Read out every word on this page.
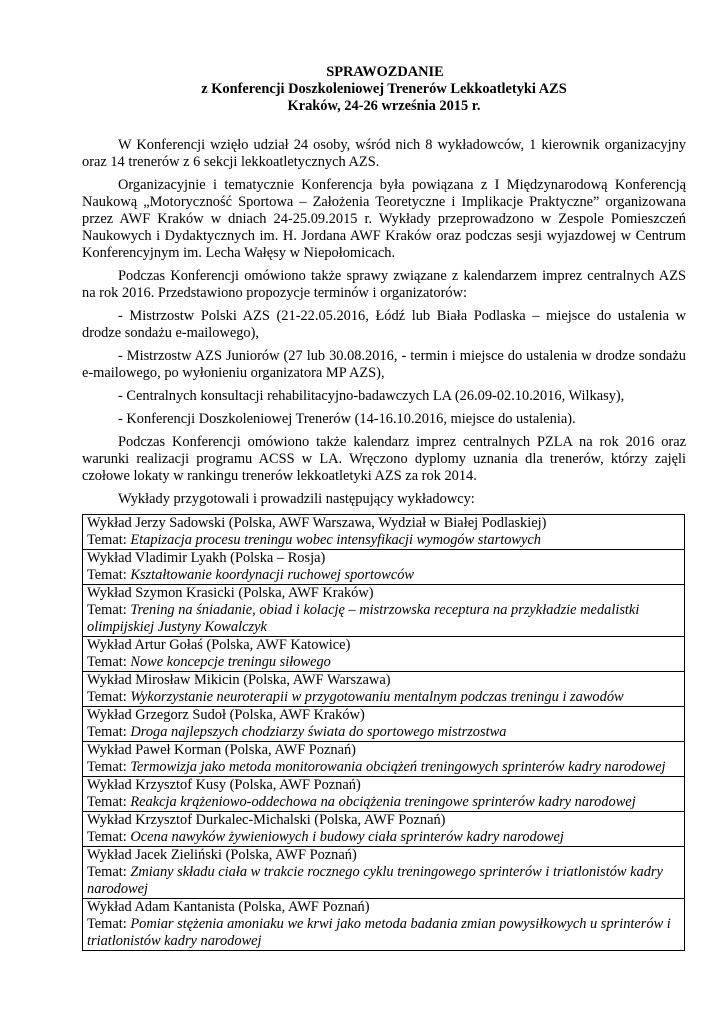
SPRAWOZDANIE
z Konferencji Doszkoleniowej Trenerów Lekkoatletyki AZS
Kraków, 24-26 września 2015 r.

W Konferencji wzięło udział 24 osoby, wśród nich 8 wykładowców, 1 kierownik organizacyjny oraz 14 trenerów z 6 sekcji lekkoatletycznych AZS.

Organizacyjnie i tematycznie Konferencja była powiązana z I Międzynarodową Konferencją Naukową „Motoryczność Sportowa – Założenia Teoretyczne i Implikacje Praktyczne” organizowana przez AWF Kraków w dniach 24-25.09.2015 r. Wykłady przeprowadzono w Zespole Pomieszczeń Naukowych i Dydaktycznych im. H. Jordana AWF Kraków oraz podczas sesji wyjazdowej w Centrum Konferencyjnym im. Lecha Wałęsy w Niepołomicach.

Podczas Konferencji omówiono także sprawy związane z kalendarzem imprez centralnych AZS na rok 2016. Przedstawiono propozycje terminów i organizatorów:

- Mistrzostw Polski AZS (21-22.05.2016, Łódź lub Biała Podlaska – miejsce do ustalenia w drodze sondażu e-mailowego),

- Mistrzostw AZS Juniorów (27 lub 30.08.2016, - termin i miejsce do ustalenia w drodze sondażu e-mailowego, po wyłonieniu organizatora MP AZS),

- Centralnych konsultacji rehabilitacyjno-badawczych LA (26.09-02.10.2016, Wilkasy),

- Konferencji Doszkoleniowej Trenerów (14-16.10.2016, miejsce do ustalenia).

Podczas Konferencji omówiono także kalendarz imprez centralnych PZLA na rok 2016 oraz warunki realizacji programu ACSS w LA. Wręczono dyplomy uznania dla trenerów, którzy zajęli czołowe lokaty w rankingu trenerów lekkoatletyki AZS za rok 2014.

Wykłady przygotowali i prowadzili następujący wykładowcy:

Wykład Jerzy Sadowski (Polska, AWF Warszawa, Wydział w Białej Podlaskiej)
Temat: Etapizacja procesu treningu wobec intensyfikacji wymogów startowych

Wykład Vladimir Lyakh (Polska – Rosja)
Temat: Kształtowanie koordynacji ruchowej sportowców

Wykład Szymon Krasicki (Polska, AWF Kraków)
Temat: Trening na śniadanie, obiad i kolację – mistrzowska receptura na przykładzie medalistki olimpijskiej Justyny Kowalczyk

Wykład Artur Gołaś (Polska, AWF Katowice)
Temat: Nowe koncepcje treningu siłowego

Wykład Mirosław Mikicin (Polska, AWF Warszawa)
Temat: Wykorzystanie neuroterapii w przygotowaniu mentalnym podczas treningu i zawodów

Wykład Grzegorz Sudoł (Polska, AWF Kraków)
Temat: Droga najlepszych chodziarzy świata do sportowego mistrzostwa

Wykład Paweł Korman (Polska, AWF Poznań)
Temat: Termowizja jako metoda monitorowania obciążeń treningowych sprinterów kadry narodowej

Wykład Krzysztof Kusy (Polska, AWF Poznań)
Temat: Reakcja krążeniowo-oddechowa na obciążenia treningowe sprinterów kadry narodowej

Wykład Krzysztof Durkalec-Michalski (Polska, AWF Poznań)
Temat: Ocena nawyków żywieniowych i budowy ciała sprinterów kadry narodowej

Wykład Jacek Zieliński (Polska, AWF Poznań)
Temat: Zmiany składu ciała w trakcie rocznego cyklu treningowego sprinterów i triatlonistów kadry narodowej

Wykład Adam Kantanista (Polska, AWF Poznań)
Temat: Pomiar stężenia amoniaku we krwi jako metoda badania zmian powysiłkowych u sprinterów i triatlonistów kadry narodowej
